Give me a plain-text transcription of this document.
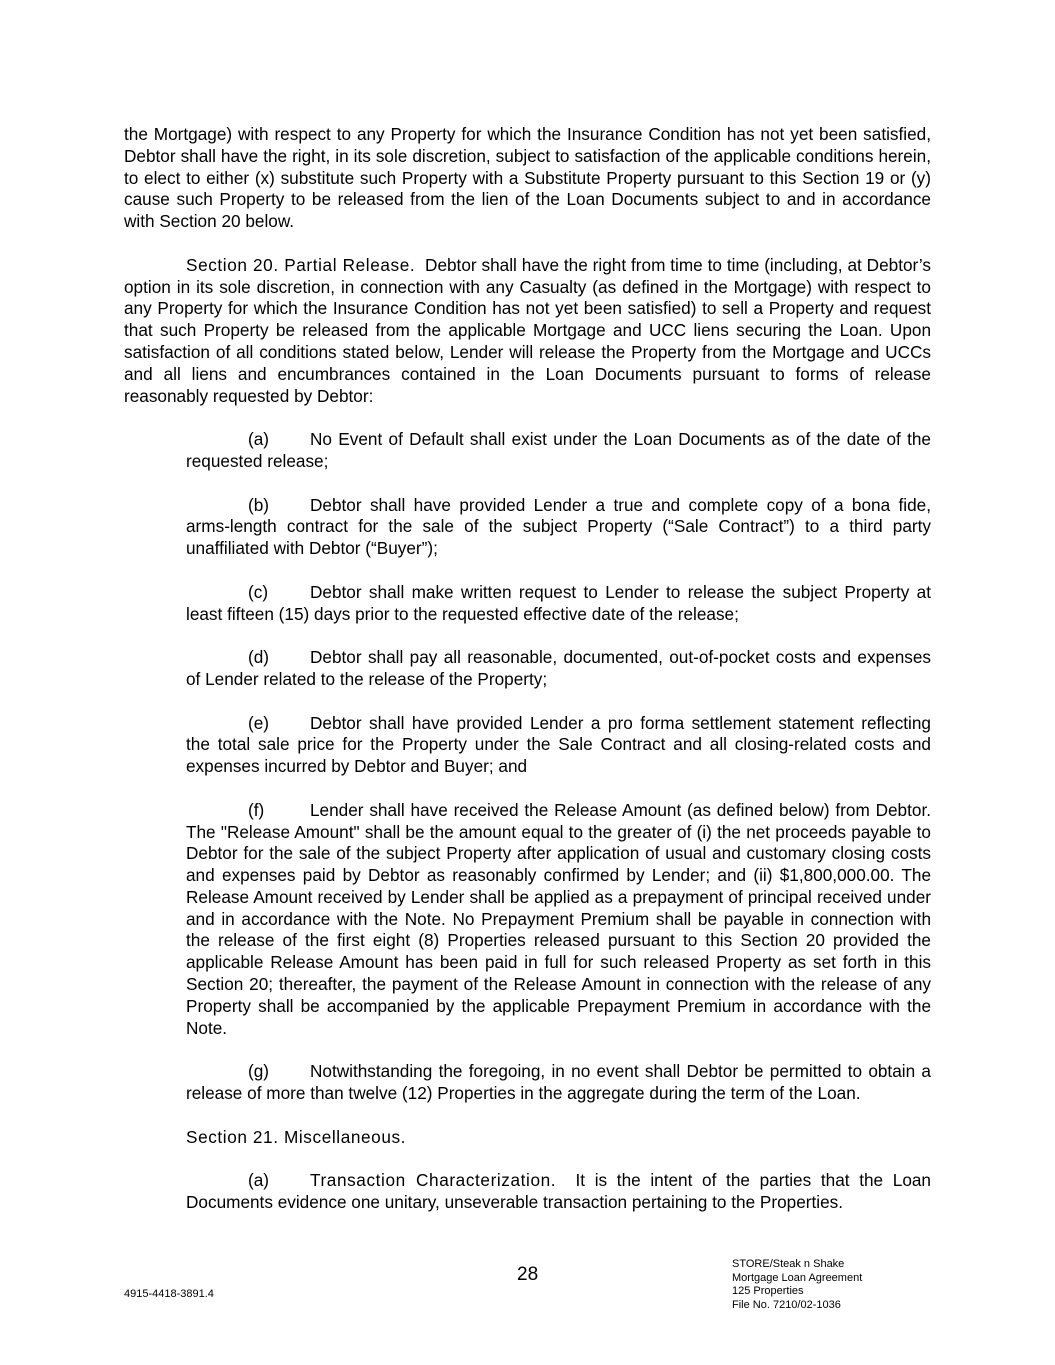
the Mortgage) with respect to any Property for which the Insurance Condition has not yet been satisfied, Debtor shall have the right, in its sole discretion, subject to satisfaction of the applicable conditions herein, to elect to either (x) substitute such Property with a Substitute Property pursuant to this Section 19 or (y) cause such Property to be released from the lien of the Loan Documents subject to and in accordance with Section 20 below.

Section 20. Partial Release. Debtor shall have the right from time to time (including, at Debtor’s option in its sole discretion, in connection with any Casualty (as defined in the Mortgage) with respect to any Property for which the Insurance Condition has not yet been satisfied) to sell a Property and request that such Property be released from the applicable Mortgage and UCC liens securing the Loan. Upon satisfaction of all conditions stated below, Lender will release the Property from the Mortgage and UCCs and all liens and encumbrances contained in the Loan Documents pursuant to forms of release reasonably requested by Debtor:

(a) No Event of Default shall exist under the Loan Documents as of the date of the requested release;

(b) Debtor shall have provided Lender a true and complete copy of a bona fide, arms-length contract for the sale of the subject Property (“Sale Contract”) to a third party unaffiliated with Debtor (“Buyer”);

(c) Debtor shall make written request to Lender to release the subject Property at least fifteen (15) days prior to the requested effective date of the release;

(d) Debtor shall pay all reasonable, documented, out-of-pocket costs and expenses of Lender related to the release of the Property;

(e) Debtor shall have provided Lender a pro forma settlement statement reflecting the total sale price for the Property under the Sale Contract and all closing-related costs and expenses incurred by Debtor and Buyer; and

(f)	Lender shall have received the Release Amount (as defined below) from Debtor. The "Release Amount" shall be the amount equal to the greater of (i) the net proceeds payable to Debtor for the sale of the subject Property after application of usual and customary closing costs and expenses paid by Debtor as reasonably confirmed by Lender; and (ii) $1,800,000.00. The Release Amount received by Lender shall be applied as a prepayment of principal received under and in accordance with the Note. No Prepayment Premium shall be payable in connection with the release of the first eight (8) Properties released pursuant to this Section 20 provided the applicable Release Amount has been paid in full for such released Property as set forth in this Section 20; thereafter, the payment of the Release Amount in connection with the release of any Property shall be accompanied by the applicable Prepayment Premium in accordance with the Note.

(g) Notwithstanding the foregoing, in no event shall Debtor be permitted to obtain a release of more than twelve (12) Properties in the aggregate during the term of the Loan.

Section 21. Miscellaneous.

(a) Transaction Characterization. It is the intent of the parties that the Loan Documents evidence one unitary, unseverable transaction pertaining to the Properties.

4915-4418-3891.4
28	STORE/Steak n Shake
Mortgage Loan Agreement
125 Properties
File No. 7210/02-1036
